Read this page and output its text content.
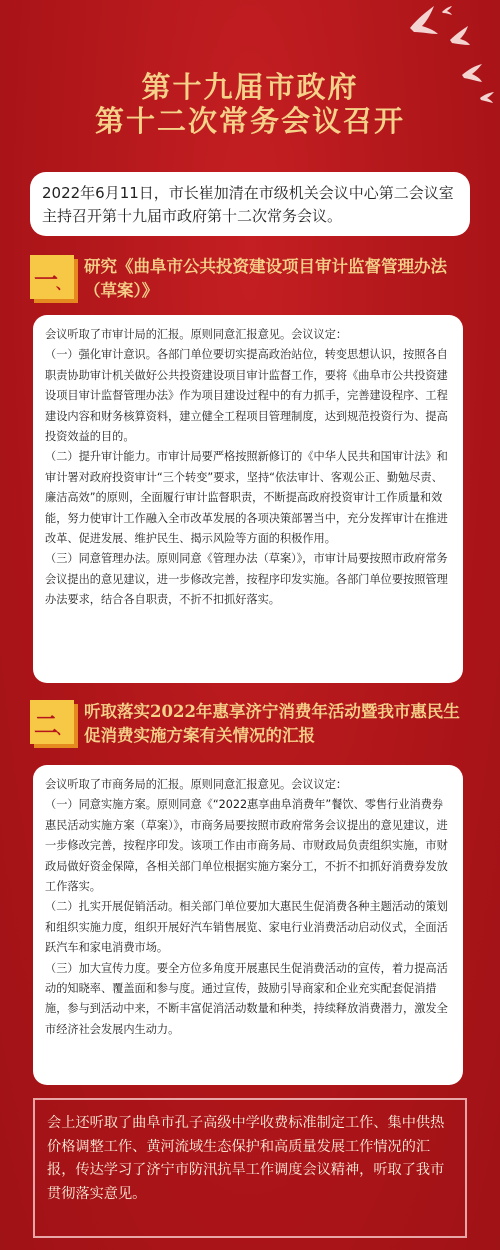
第十九届市政府
第十二次常务会议召开
2022年6月11日，市长崔加清在市级机关会议中心第二会议室主持召开第十九届市政府第十二次常务会议。
一
、
研究《曲阜市公共投资建设项目审计监督管理办法（草案）》

会议听取了市审计局的汇报。原则同意汇报意见。会议议定：

（一）强化审计意识。各部门单位要切实提高政治站位，转变思想认识，按照各自职责协助审计机关做好公共投资建设项目审计监督工作，要将《曲阜市公共投资建设项目审计监督管理办法》作为项目建设过程中的有力抓手，完善建设程序、工程建设内容和财务核算资料，建立健全工程项目管理制度，达到规范投资行为、提高投资效益的目的。

（二）提升审计能力。市审计局要严格按照新修订的《中华人民共和国审计法》和审计署对政府投资审计“三个转变”要求，坚持“依法审计、客观公正、勤勉尽责、廉洁高效”的原则，全面履行审计监督职责，不断提高政府投资审计工作质量和效能，努力使审计工作融入全市改革发展的各项决策部署当中，充分发挥审计在推进改革、促进发展、维护民生、揭示风险等方面的积极作用。

（三）同意管理办法。原则同意《管理办法（草案）》，市审计局要按照市政府常务会议提出的意见建议，进一步修改完善，按程序印发实施。各部门单位要按照管理办法要求，结合各自职责，不折不扣抓好落实。

二
、
听取落实2022年惠享济宁消费年活动暨我市惠民生促消费实施方案有关情况的汇报

会议听取了市商务局的汇报。原则同意汇报意见。会议议定：

（一）同意实施方案。原则同意《“2022惠享曲阜消费年”餐饮、零售行业消费券惠民活动实施方案（草案）》，市商务局要按照市政府常务会议提出的意见建议，进一步修改完善，按程序印发。该项工作由市商务局、市财政局负责组织实施，市财政局做好资金保障，各相关部门单位根据实施方案分工，不折不扣抓好消费券发放工作落实。

（二）扎实开展促销活动。相关部门单位要加大惠民生促消费各种主题活动的策划和组织实施力度，组织开展好汽车销售展览、家电行业消费活动启动仪式，全面活跃汽车和家电消费市场。

（三）加大宣传力度。要全方位多角度开展惠民生促消费活动的宣传，着力提高活动的知晓率、覆盖面和参与度。通过宣传，鼓励引导商家和企业充实配套促消措施，参与到活动中来，不断丰富促消活动数量和种类，持续释放消费潜力，激发全市经济社会发展内生动力。

会上还听取了曲阜市孔子高级中学收费标准制定工作、集中供热价格调整工作、黄河流域生态保护和高质量发展工作情况的汇报，传达学习了济宁市防汛抗旱工作调度会议精神，听取了我市贯彻落实意见。
